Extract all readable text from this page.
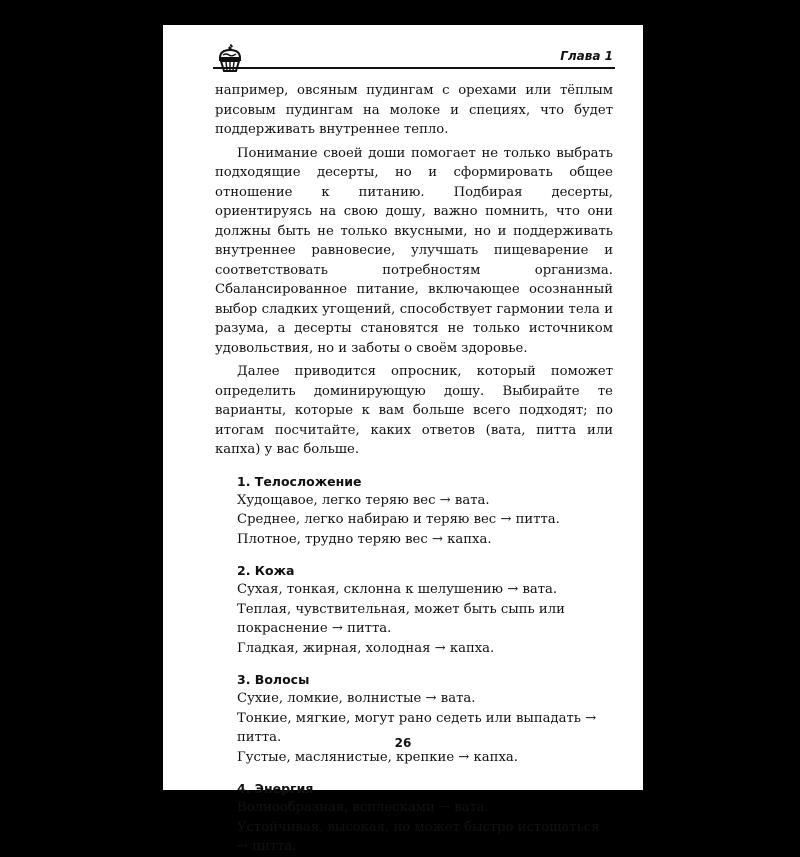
Глава 1

например, овсяным пудингам с орехами или тёплым рисовым пудингам на молоке и специях, что будет поддерживать внутреннее тепло.

Понимание своей доши помогает не только выбрать подходящие десерты, но и сформировать общее отношение к питанию. Подбирая десерты, ориентируясь на свою дошу, важно помнить, что они должны быть не только вкусными, но и поддерживать внутреннее равновесие, улучшать пищеварение и соответствовать потребностям организма. Сбалансированное питание, включающее осознанный выбор сладких угощений, способствует гармонии тела и разума, а десерты становятся не только источником удовольствия, но и заботы о своём здоровье.

Далее приводится опросник, который поможет определить доминирующую дошу. Выбирайте те варианты, которые к вам больше всего подходят; по итогам посчитайте, каких ответов (вата, питта или капха) у вас больше.

1. Телосложение

Худощавое, легко теряю вес → вата.

Среднее, легко набираю и теряю вес → питта.

Плотное, трудно теряю вес → капха.

2. Кожа

Сухая, тонкая, склонна к шелушению → вата.

Теплая, чувствительная, может быть сыпь или покраснение → питта.

Гладкая, жирная, холодная → капха.

3. Волосы

Сухие, ломкие, волнистые → вата.

Тонкие, мягкие, могут рано седеть или выпадать → питта.

Густые, маслянистые, крепкие → капха.

4. Энергия

Волнообразная, всплесками → вата.

Устойчивая, высокая, но может быстро истощаться → питта.

26
